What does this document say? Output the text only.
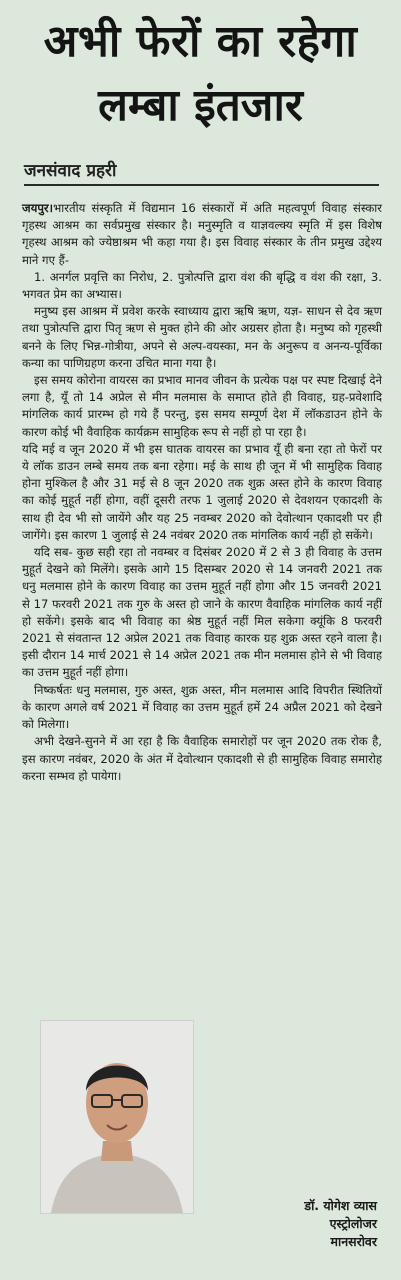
अभी फेरों का रहेगा
लम्बा इंतजार
जनसंवाद प्रहरी

जयपुर।भारतीय संस्कृति में विद्यमान 16 संस्कारों में अति महत्वपूर्ण विवाह संस्कार गृहस्थ आश्रम का सर्वप्रमुख संस्कार है। मनुस्मृति व याज्ञवल्क्य स्मृति में इस विशेष गृहस्थ आश्रम को ज्येष्ठाश्रम भी कहा गया है। इस विवाह संस्कार के तीन प्रमुख उद्देश्य माने गए हैं-

1. अनर्गल प्रवृत्ति का निरोध, 2. पुत्रोत्पत्ति द्वारा वंश की बृद्धि व वंश की रक्षा, 3. भगवत प्रेम का अभ्यास।

मनुष्य इस आश्रम में प्रवेश करके स्वाध्याय द्वारा ऋषि ऋण, यज्ञ- साधन से देव ऋण तथा पुत्रोत्पत्ति द्वारा पितृ ऋण से मुक्त होने की ओर अग्रसर होता है। मनुष्य को गृहस्थी बनने के लिए भिन्न-गोत्रीया, अपने से अल्प-वयस्का, मन के अनुरूप व अनन्य-पूर्विका कन्या का पाणिग्रहण करना उचित माना गया है।

इस समय कोरोना वायरस का प्रभाव मानव जीवन के प्रत्येक पक्ष पर स्पष्ट दिखाई देने लगा है, यूँ तो 14 अप्रेल से मीन मलमास के समाप्त होते ही विवाह, ग्रह-प्रवेशादि मांगलिक कार्य प्रारम्भ हो गये हैं परन्तु, इस समय सम्पूर्ण देश में लॉकडाउन होने के कारण कोई भी वैवाहिक कार्यक्रम सामुहिक रूप से नहीं हो पा रहा है।

यदि मई व जून 2020 में भी इस घातक वायरस का प्रभाव यूँ ही बना रहा तो फेरों पर ये लॉक डाउन लम्बे समय तक बना रहेगा। मई के साथ ही जून में भी सामुहिक विवाह होना मुश्किल है और 31 मई से 8 जून 2020 तक शुक्र अस्त होने के कारण विवाह का कोई मुहूर्त नहीं होगा, वहीं दूसरी तरफ 1 जुलाई 2020 से देवशयन एकादशी के साथ ही देव भी सो जायेंगे और यह 25 नवम्बर 2020 को देवोत्थान एकादशी पर ही जागेंगे। इस कारण 1 जुलाई से 24 नवंबर 2020 तक मांगलिक कार्य नहीं हो सकेंगे।

यदि सब- कुछ सही रहा तो नवम्बर व दिसंबर 2020 में 2 से 3 ही विवाह के उत्तम मुहूर्त देखने को मिलेंगे। इसके आगे 15 दिसम्बर 2020 से 14 जनवरी 2021 तक धनु मलमास होने के कारण विवाह का उत्तम मुहूर्त नहीं होगा और 15 जनवरी 2021 से 17 फरवरी 2021 तक गुरु के अस्त हो जाने के कारण वैवाहिक मांगलिक कार्य नहीं हो सकेंगे। इसके बाद भी विवाह का श्रेष्ठ मुहूर्त नहीं मिल सकेगा क्यूंकि 8 फरवरी 2021 से संवतान्त 12 अप्रेल 2021 तक विवाह कारक ग्रह शुक्र अस्त रहने वाला है। इसी दौरान 14 मार्च 2021 से 14 अप्रेल 2021 तक मीन मलमास होने से भी विवाह का उत्तम मुहूर्त नहीं होगा।

निष्कर्षतः धनु मलमास, गुरु अस्त, शुक्र अस्त, मीन मलमास आदि विपरीत स्थितियों के कारण अगले वर्ष 2021 में विवाह का उत्तम मुहूर्त हमें 24 अप्रैल 2021 को देखने को मिलेगा।

अभी देखने-सुनने में आ रहा है कि वैवाहिक समारोहों पर जून 2020 तक रोक है, इस कारण नवंबर, 2020 के अंत में देवोत्थान एकादशी से ही सामुहिक विवाह समारोह करना सम्भव हो पायेगा।

डॉ. योगेश व्यास
एस्ट्रोलोजर
मानसरोवर
